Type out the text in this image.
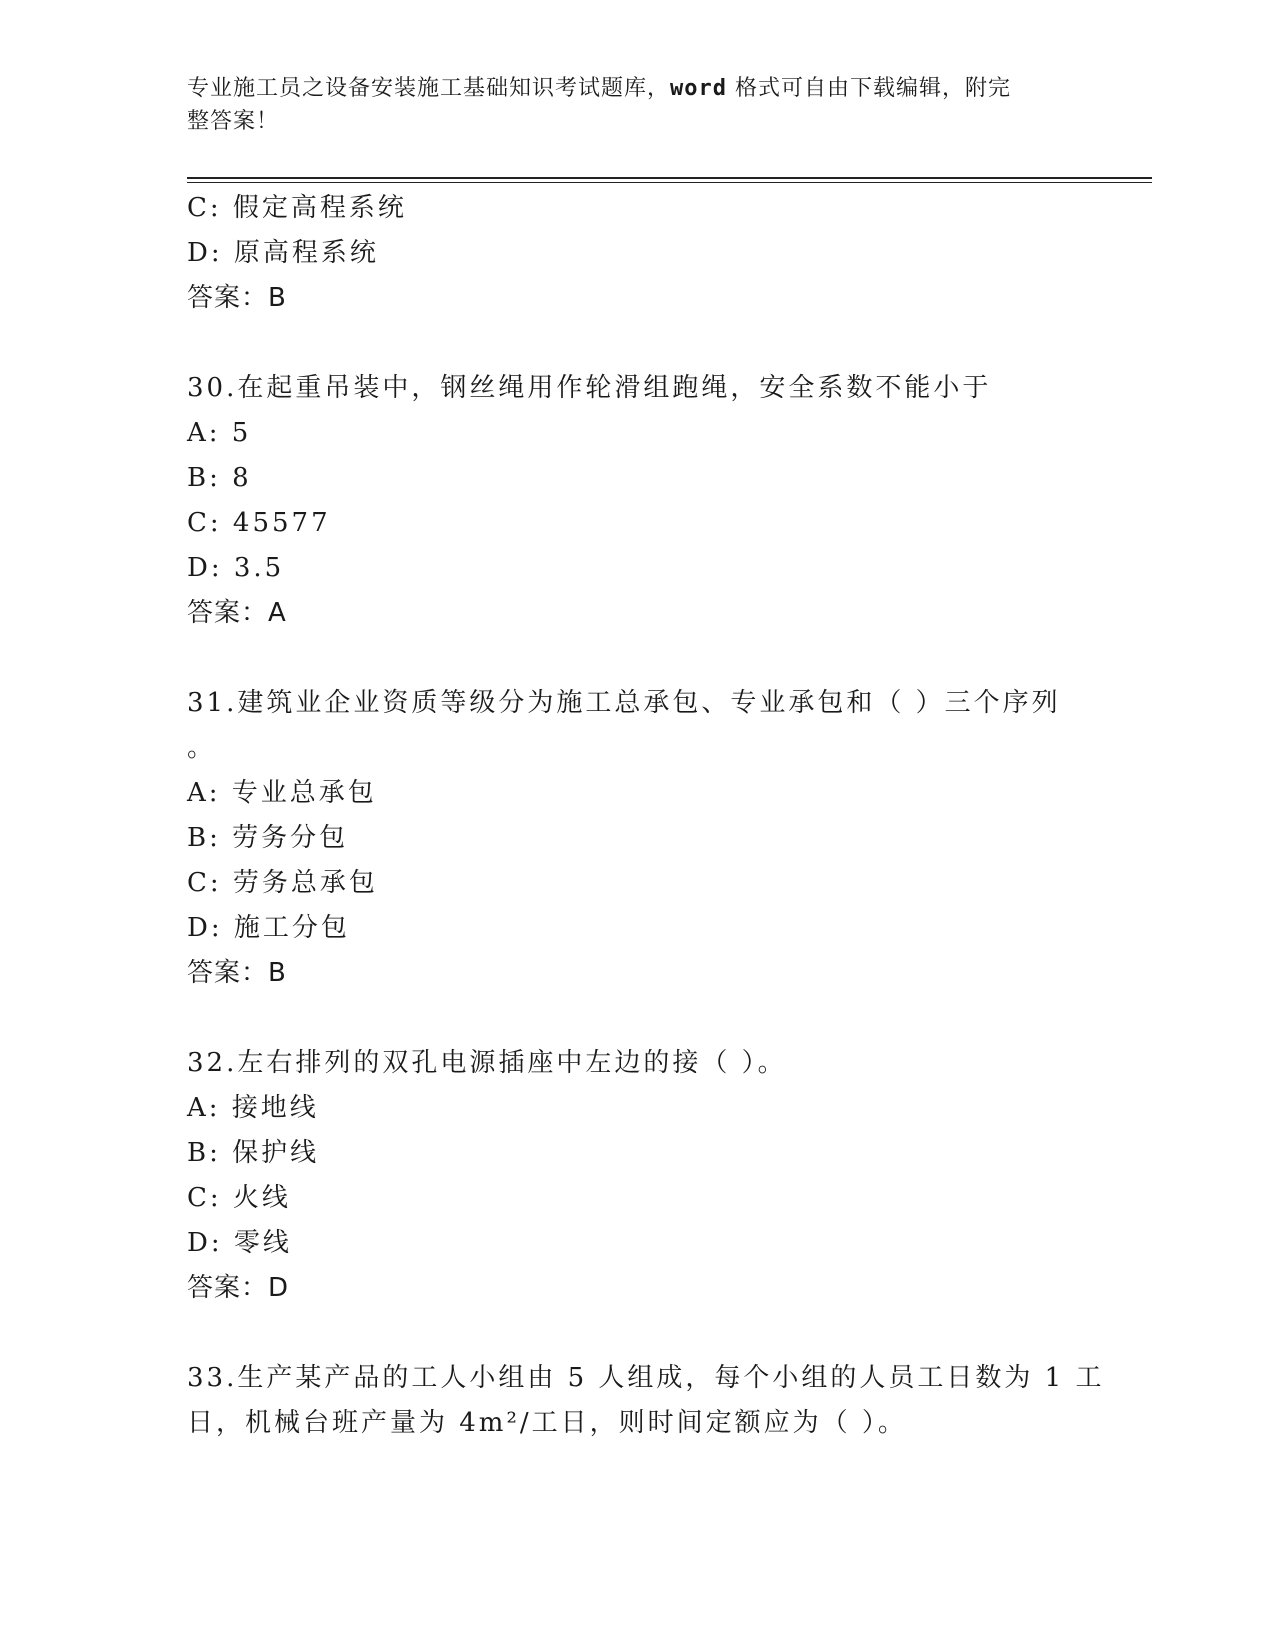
专业施工员之设备安装施工基础知识考试题库，word 格式可自由下载编辑，附完
整答案！
C: 假定高程系统
D: 原高程系统
答案：B
30.在起重吊装中，钢丝绳用作轮滑组跑绳，安全系数不能小于
A: 5
B: 8
C: 45577
D: 3.5
答案：A
31.建筑业企业资质等级分为施工总承包、专业承包和（ ）三个序列
。
A: 专业总承包
B: 劳务分包
C: 劳务总承包
D: 施工分包
答案：B
32.左右排列的双孔电源插座中左边的接（ ）。
A: 接地线
B: 保护线
C: 火线
D: 零线
答案：D
33.生产某产品的工人小组由 5 人组成，每个小组的人员工日数为 1 工
日，机械台班产量为 4m²/工日，则时间定额应为（ ）。
